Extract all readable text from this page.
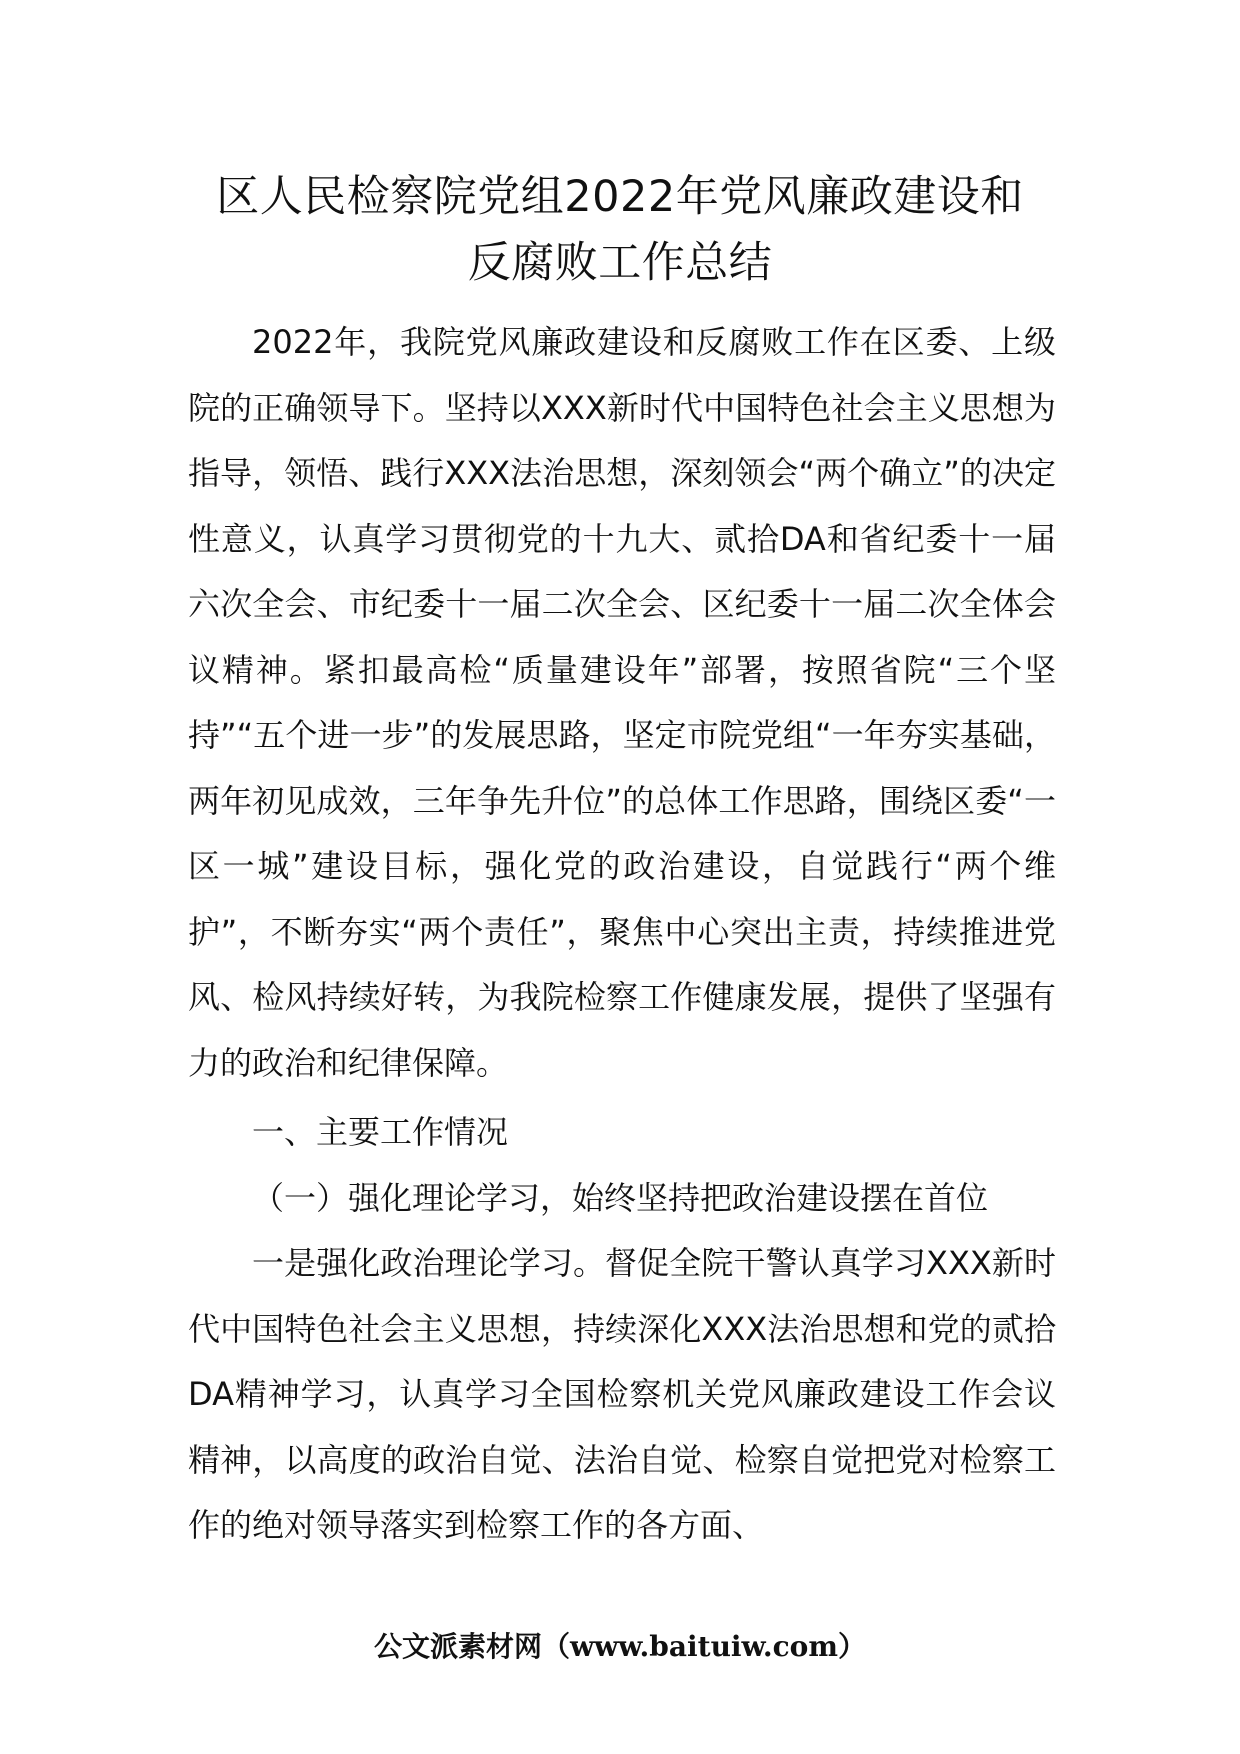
区人民检察院党组2022年党风廉政建设和
反腐败工作总结

2022年，我院党风廉政建设和反腐败工作在区委、上级院的正确领导下。坚持以XXX新时代中国特色社会主义思想为指导，领悟、践行XXX法治思想，深刻领会“两个确立”的决定性意义，认真学习贯彻党的十九大、贰拾DA和省纪委十一届六次全会、市纪委十一届二次全会、区纪委十一届二次全体会议精神。紧扣最高检“质量建设年”部署，按照省院“三个坚持”“五个进一步”的发展思路，坚定市院党组“一年夯实基础，两年初见成效，三年争先升位”的总体工作思路，围绕区委“一区一城”建设目标，强化党的政治建设，自觉践行“两个维护”，不断夯实“两个责任”，聚焦中心突出主责，持续推进党风、检风持续好转，为我院检察工作健康发展，提供了坚强有力的政治和纪律保障。

一、主要工作情况

（一）强化理论学习，始终坚持把政治建设摆在首位

一是强化政治理论学习。督促全院干警认真学习XXX新时代中国特色社会主义思想，持续深化XXX法治思想和党的贰拾DA精神学习，认真学习全国检察机关党风廉政建设工作会议精神，以高度的政治自觉、法治自觉、检察自觉把党对检察工作的绝对领导落实到检察工作的各方面、

公文派素材网（www.baituiw.com）
